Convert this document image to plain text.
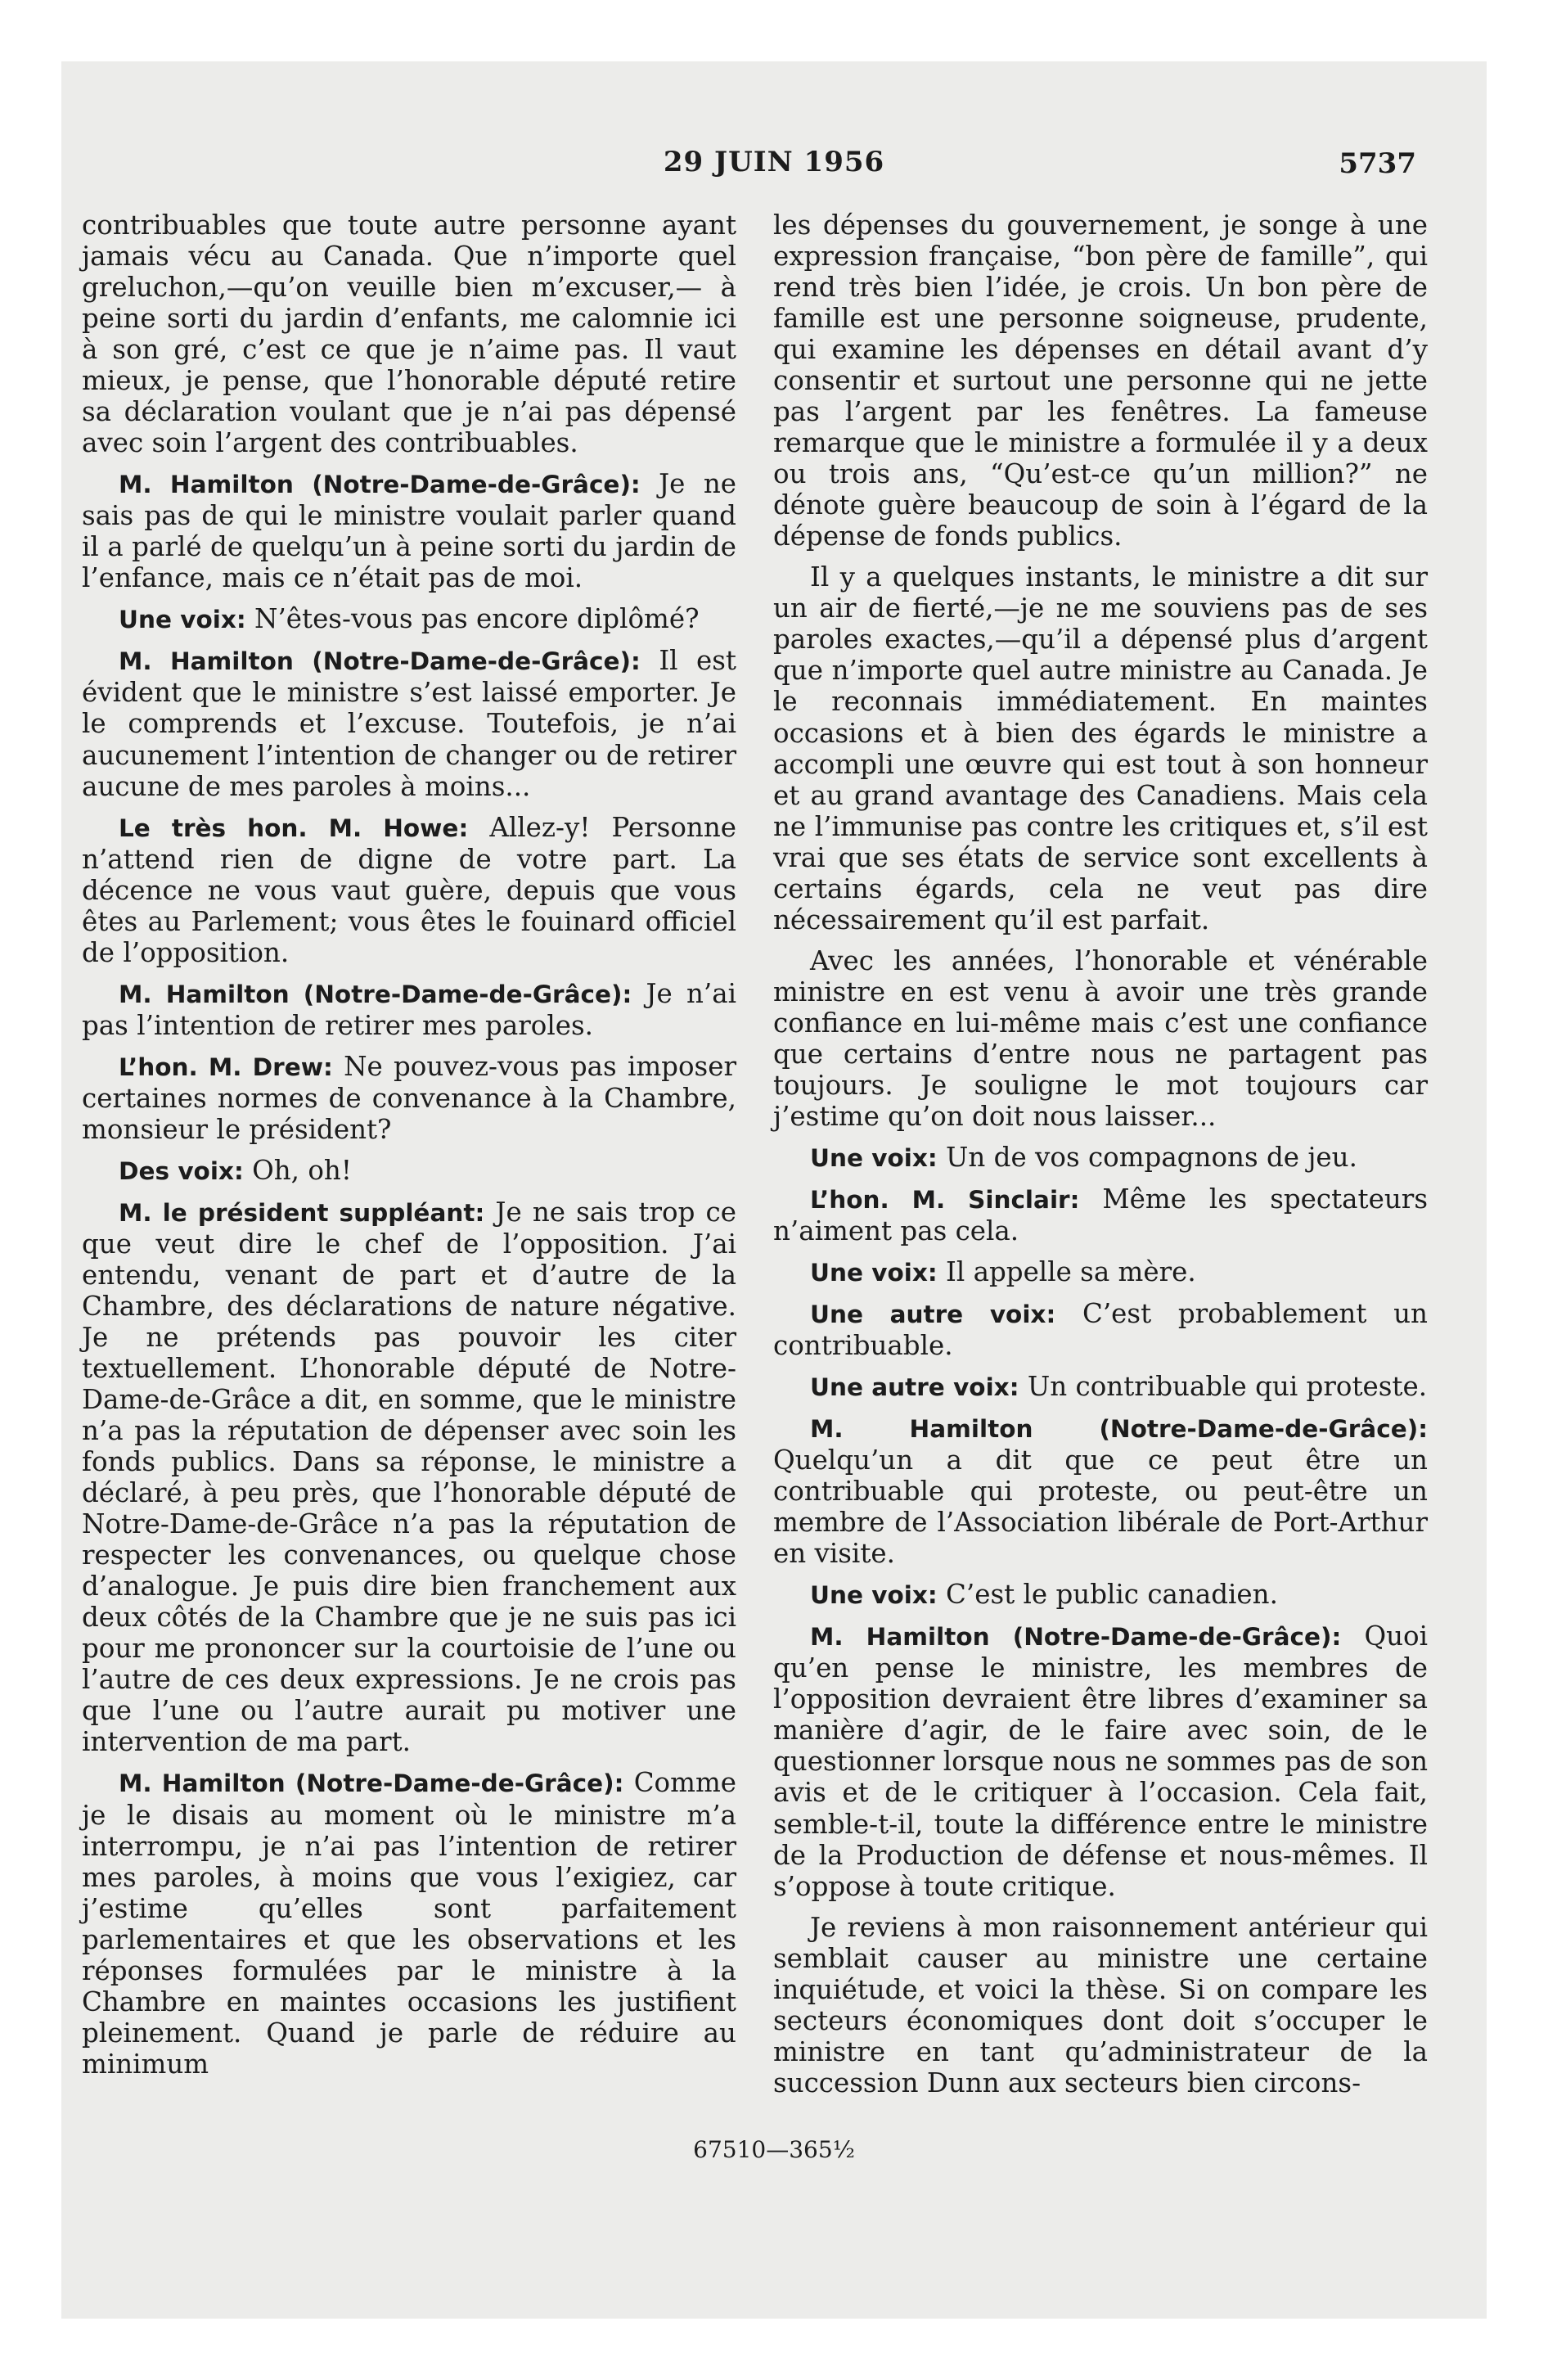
29 JUIN 1956	5737

contribuables que toute autre personne ayant jamais vécu au Canada. Que n’importe quel greluchon,—qu’on veuille bien m’excuser,— à peine sorti du jardin d’enfants, me calomnie ici à son gré, c’est ce que je n’aime pas. Il vaut mieux, je pense, que l’honorable député retire sa déclaration voulant que je n’ai pas dépensé avec soin l’argent des contribuables.

M. Hamilton (Notre-Dame-de-Grâce): Je ne sais pas de qui le ministre voulait parler quand il a parlé de quelqu’un à peine sorti du jardin de l’enfance, mais ce n’était pas de moi.

Une voix: N’êtes-vous pas encore diplômé?

M. Hamilton (Notre-Dame-de-Grâce): Il est évident que le ministre s’est laissé emporter. Je le comprends et l’excuse. Toutefois, je n’ai aucunement l’intention de changer ou de retirer aucune de mes paroles à moins...

Le très hon. M. Howe: Allez-y! Personne n’attend rien de digne de votre part. La décence ne vous vaut guère, depuis que vous êtes au Parlement; vous êtes le fouinard officiel de l’opposition.

M. Hamilton (Notre-Dame-de-Grâce): Je n’ai pas l’intention de retirer mes paroles.

L’hon. M. Drew: Ne pouvez-vous pas imposer certaines normes de convenance à la Chambre, monsieur le président?

Des voix: Oh, oh!

M. le président suppléant: Je ne sais trop ce que veut dire le chef de l’opposition. J’ai entendu, venant de part et d’autre de la Chambre, des déclarations de nature négative. Je ne prétends pas pouvoir les citer textuellement. L’honorable député de Notre-Dame-de-Grâce a dit, en somme, que le ministre n’a pas la réputation de dépenser avec soin les fonds publics. Dans sa réponse, le ministre a déclaré, à peu près, que l’honorable député de Notre-Dame-de-Grâce n’a pas la réputation de respecter les convenances, ou quelque chose d’analogue. Je puis dire bien franchement aux deux côtés de la Chambre que je ne suis pas ici pour me prononcer sur la courtoisie de l’une ou l’autre de ces deux expressions. Je ne crois pas que l’une ou l’autre aurait pu motiver une intervention de ma part.

M. Hamilton (Notre-Dame-de-Grâce): Comme je le disais au moment où le ministre m’a interrompu, je n’ai pas l’intention de retirer mes paroles, à moins que vous l’exigiez, car j’estime qu’elles sont parfaitement parlementaires et que les observations et les réponses formulées par le ministre à la Chambre en maintes occasions les justifient pleinement. Quand je parle de réduire au minimum

les dépenses du gouvernement, je songe à une expression française, “bon père de famille”, qui rend très bien l’idée, je crois. Un bon père de famille est une personne soigneuse, prudente, qui examine les dépenses en détail avant d’y consentir et surtout une personne qui ne jette pas l’argent par les fenêtres. La fameuse remarque que le ministre a formulée il y a deux ou trois ans, “Qu’est-ce qu’un million?” ne dénote guère beaucoup de soin à l’égard de la dépense de fonds publics.

Il y a quelques instants, le ministre a dit sur un air de fierté,—je ne me souviens pas de ses paroles exactes,—qu’il a dépensé plus d’argent que n’importe quel autre ministre au Canada. Je le reconnais immédiatement. En maintes occasions et à bien des égards le ministre a accompli une œuvre qui est tout à son honneur et au grand avantage des Canadiens. Mais cela ne l’immunise pas contre les critiques et, s’il est vrai que ses états de service sont excellents à certains égards, cela ne veut pas dire nécessairement qu’il est parfait.

Avec les années, l’honorable et vénérable ministre en est venu à avoir une très grande confiance en lui-même mais c’est une confiance que certains d’entre nous ne partagent pas toujours. Je souligne le mot toujours car j’estime qu’on doit nous laisser...

Une voix: Un de vos compagnons de jeu.

L’hon. M. Sinclair: Même les spectateurs n’aiment pas cela.

Une voix: Il appelle sa mère.

Une autre voix: C’est probablement un contribuable.

Une autre voix: Un contribuable qui proteste.

M. Hamilton (Notre-Dame-de-Grâce): Quelqu’un a dit que ce peut être un contribuable qui proteste, ou peut-être un membre de l’Association libérale de Port-Arthur en visite.

Une voix: C’est le public canadien.

M. Hamilton (Notre-Dame-de-Grâce): Quoi qu’en pense le ministre, les membres de l’opposition devraient être libres d’examiner sa manière d’agir, de le faire avec soin, de le questionner lorsque nous ne sommes pas de son avis et de le critiquer à l’occasion. Cela fait, semble-t-il, toute la différence entre le ministre de la Production de défense et nous-mêmes. Il s’oppose à toute critique.

Je reviens à mon raisonnement antérieur qui semblait causer au ministre une certaine inquiétude, et voici la thèse. Si on compare les secteurs économiques dont doit s’occuper le ministre en tant qu’administrateur de la succession Dunn aux secteurs bien circons-

67510—365½
